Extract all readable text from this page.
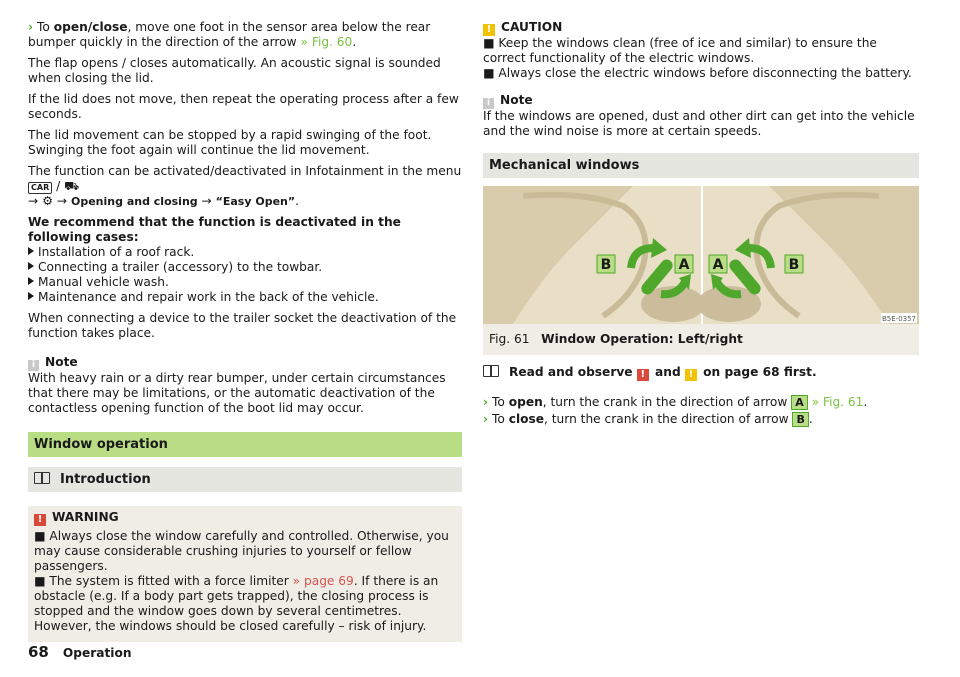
› To open/close, move one foot in the sensor area below the rear bumper quickly in the direction of the arrow » Fig. 60.

The flap opens / closes automatically. An acoustic signal is sounded when closing the lid.

If the lid does not move, then repeat the operating process after a few seconds.

The lid movement can be stopped by a rapid swinging of the foot. Swinging the foot again will continue the lid movement.

The function can be activated/deactivated in Infotainment in the menu CAR / ⛟
→ ⚙ → Opening and closing → “Easy Open”.

We recommend that the function is deactivated in the following cases:
Installation of a roof rack.
Connecting a trailer (accessory) to the towbar.
Manual vehicle wash.
Maintenance and repair work in the back of the vehicle.

When connecting a device to the trailer socket the deactivation of the function takes place.

i Note

With heavy rain or a dirty rear bumper, under certain circumstances that there may be limitations, or the automatic deactivation of the contactless opening function of the boot lid may occur.

Window operation
Introduction
! WARNING
■ Always close the window carefully and controlled. Otherwise, you may cause considerable crushing injuries to yourself or fellow passengers.
■ The system is fitted with a force limiter » page 69. If there is an obstacle (e.g. If a body part gets trapped), the closing process is stopped and the window goes down by several centimetres. However, the windows should be closed carefully – risk of injury.
! CAUTION
■ Keep the windows clean (free of ice and similar) to ensure the correct functionality of the electric windows.
■ Always close the electric windows before disconnecting the battery.
i Note

If the windows are opened, dust and other dirt can get into the vehicle and the wind noise is more at certain speeds.

Mechanical windows
B	A A	B
B5E-0357
Fig. 61 Window Operation: Left/right

Read and observe ! and ! on page 68 first.

› To open, turn the crank in the direction of arrow A » Fig. 61.
› To close, turn the crank in the direction of arrow B .
68 Operation
